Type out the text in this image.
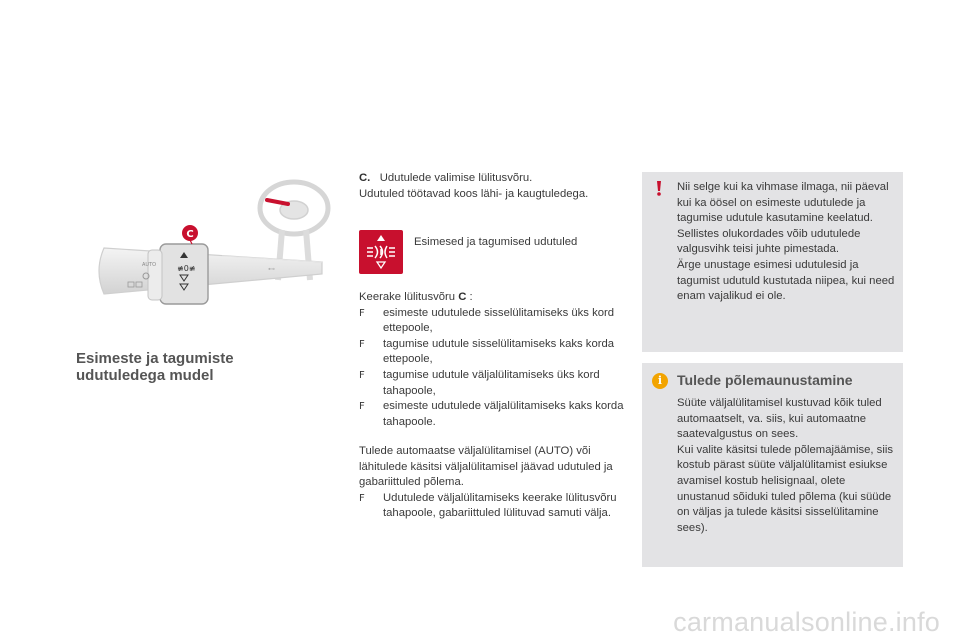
AUTO	≢0≢	⊷
C
Esimeste ja tagumiste
udutuledega mudel
C. Udutulede valimise lülitusvõru.
Udutuled töötavad koos lähi- ja kaugtuledega.
Esimesed ja tagumised udutuled
Keerake lülitusvõru C :
F	esimeste udutulede sisselülitamiseks üks kord ettepoole,
F	tagumise udutule sisselülitamiseks kaks korda ettepoole,
F	tagumise udutule väljalülitamiseks üks kord tahapoole,
F	esimeste udutulede väljalülitamiseks kaks korda tahapoole.
Tulede automaatse väljalülitamisel (AUTO) või lähitulede käsitsi väljalülitamisel jäävad udutuled ja gabariittuled põlema.
F	Udutulede väljalülitamiseks keerake lülitusvõru tahapoole, gabariittuled lülituvad samuti välja.
Nii selge kui ka vihmase ilmaga, nii päeval kui ka öösel on esimeste udutulede ja tagumise udutule kasutamine keelatud. Sellistes olukordades võib udutulede valgusvihk teisi juhte pimestada.
Ärge unustage esimesi udutulesid ja tagumist udutuld kustutada niipea, kui need enam vajalikud ei ole.
i	Tulede põlemaunustamine
Süüte väljalülitamisel kustuvad kõik tuled automaatselt, va. siis, kui automaatne saatevalgustus on sees.
Kui valite käsitsi tulede põlemajäämise, siis kostub pärast süüte väljalülitamist esiukse avamisel kostub helisignaal, olete unustanud sõiduki tuled põlema (kui süüde on väljas ja tulede käsitsi sisselülitamine sees).
carmanualsonline.info
